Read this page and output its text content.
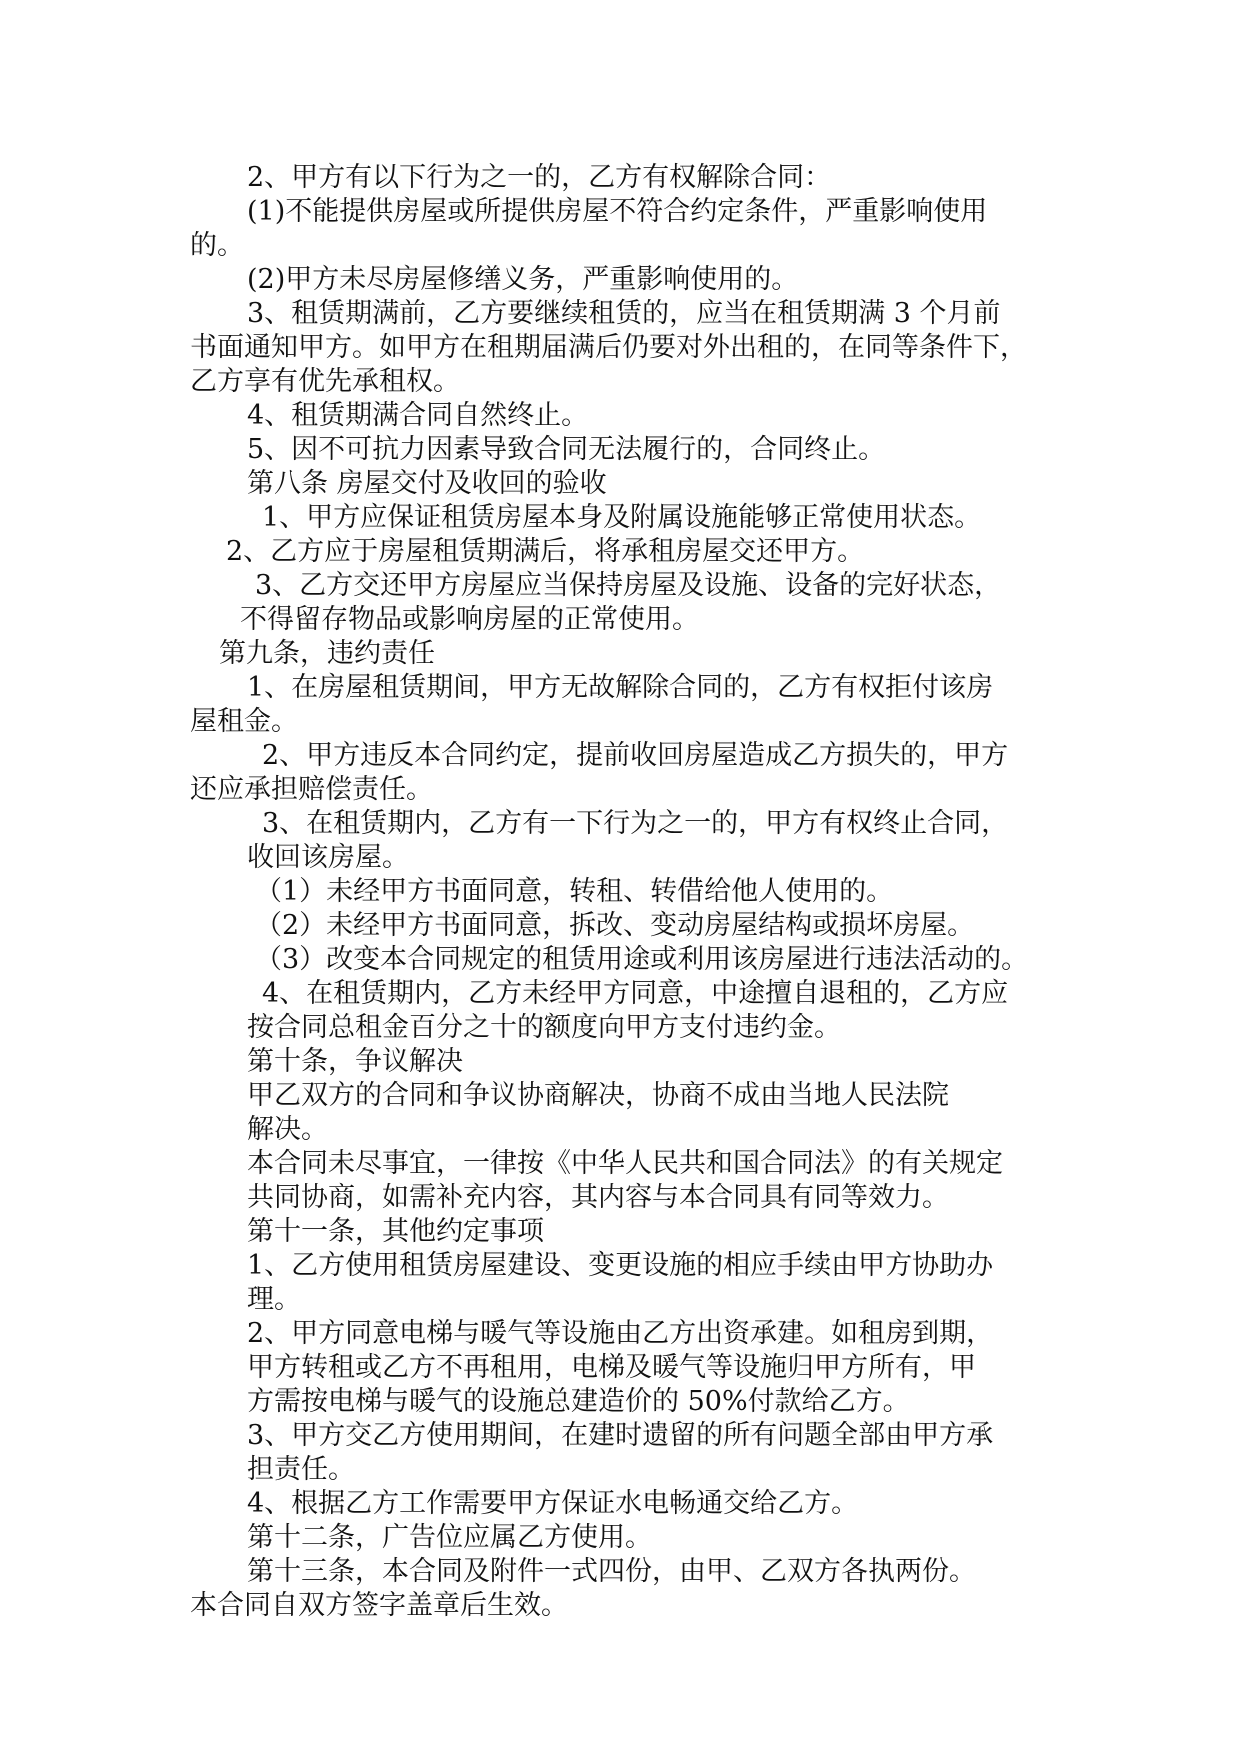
2、甲方有以下行为之一的，乙方有权解除合同：
(1)不能提供房屋或所提供房屋不符合约定条件，严重影响使用
的。
(2)甲方未尽房屋修缮义务，严重影响使用的。
3、租赁期满前，乙方要继续租赁的，应当在租赁期满 3 个月前
书面通知甲方。如甲方在租期届满后仍要对外出租的，在同等条件下，
乙方享有优先承租权。
4、租赁期满合同自然终止。
5、因不可抗力因素导致合同无法履行的，合同终止。
第八条 房屋交付及收回的验收
1、甲方应保证租赁房屋本身及附属设施能够正常使用状态。
2、乙方应于房屋租赁期满后，将承租房屋交还甲方。
3、乙方交还甲方房屋应当保持房屋及设施、设备的完好状态，
不得留存物品或影响房屋的正常使用。
第九条，违约责任
1、在房屋租赁期间，甲方无故解除合同的，乙方有权拒付该房
屋租金。
2、甲方违反本合同约定，提前收回房屋造成乙方损失的，甲方
还应承担赔偿责任。
3、在租赁期内，乙方有一下行为之一的，甲方有权终止合同，
收回该房屋。
（1）未经甲方书面同意，转租、转借给他人使用的。
（2）未经甲方书面同意，拆改、变动房屋结构或损坏房屋。
（3）改变本合同规定的租赁用途或利用该房屋进行违法活动的。
4、在租赁期内，乙方未经甲方同意，中途擅自退租的，乙方应
按合同总租金百分之十的额度向甲方支付违约金。
第十条，争议解决
甲乙双方的合同和争议协商解决，协商不成由当地人民法院
解决。
本合同未尽事宜，一律按《中华人民共和国合同法》的有关规定
共同协商，如需补充内容，其内容与本合同具有同等效力。
第十一条，其他约定事项
1、乙方使用租赁房屋建设、变更设施的相应手续由甲方协助办
理。
2、甲方同意电梯与暖气等设施由乙方出资承建。如租房到期，
甲方转租或乙方不再租用，电梯及暖气等设施归甲方所有，甲
方需按电梯与暖气的设施总建造价的 50%付款给乙方。
3、甲方交乙方使用期间，在建时遗留的所有问题全部由甲方承
担责任。
4、根据乙方工作需要甲方保证水电畅通交给乙方。
第十二条，广告位应属乙方使用。
第十三条，本合同及附件一式四份，由甲、乙双方各执两份。
本合同自双方签字盖章后生效。
